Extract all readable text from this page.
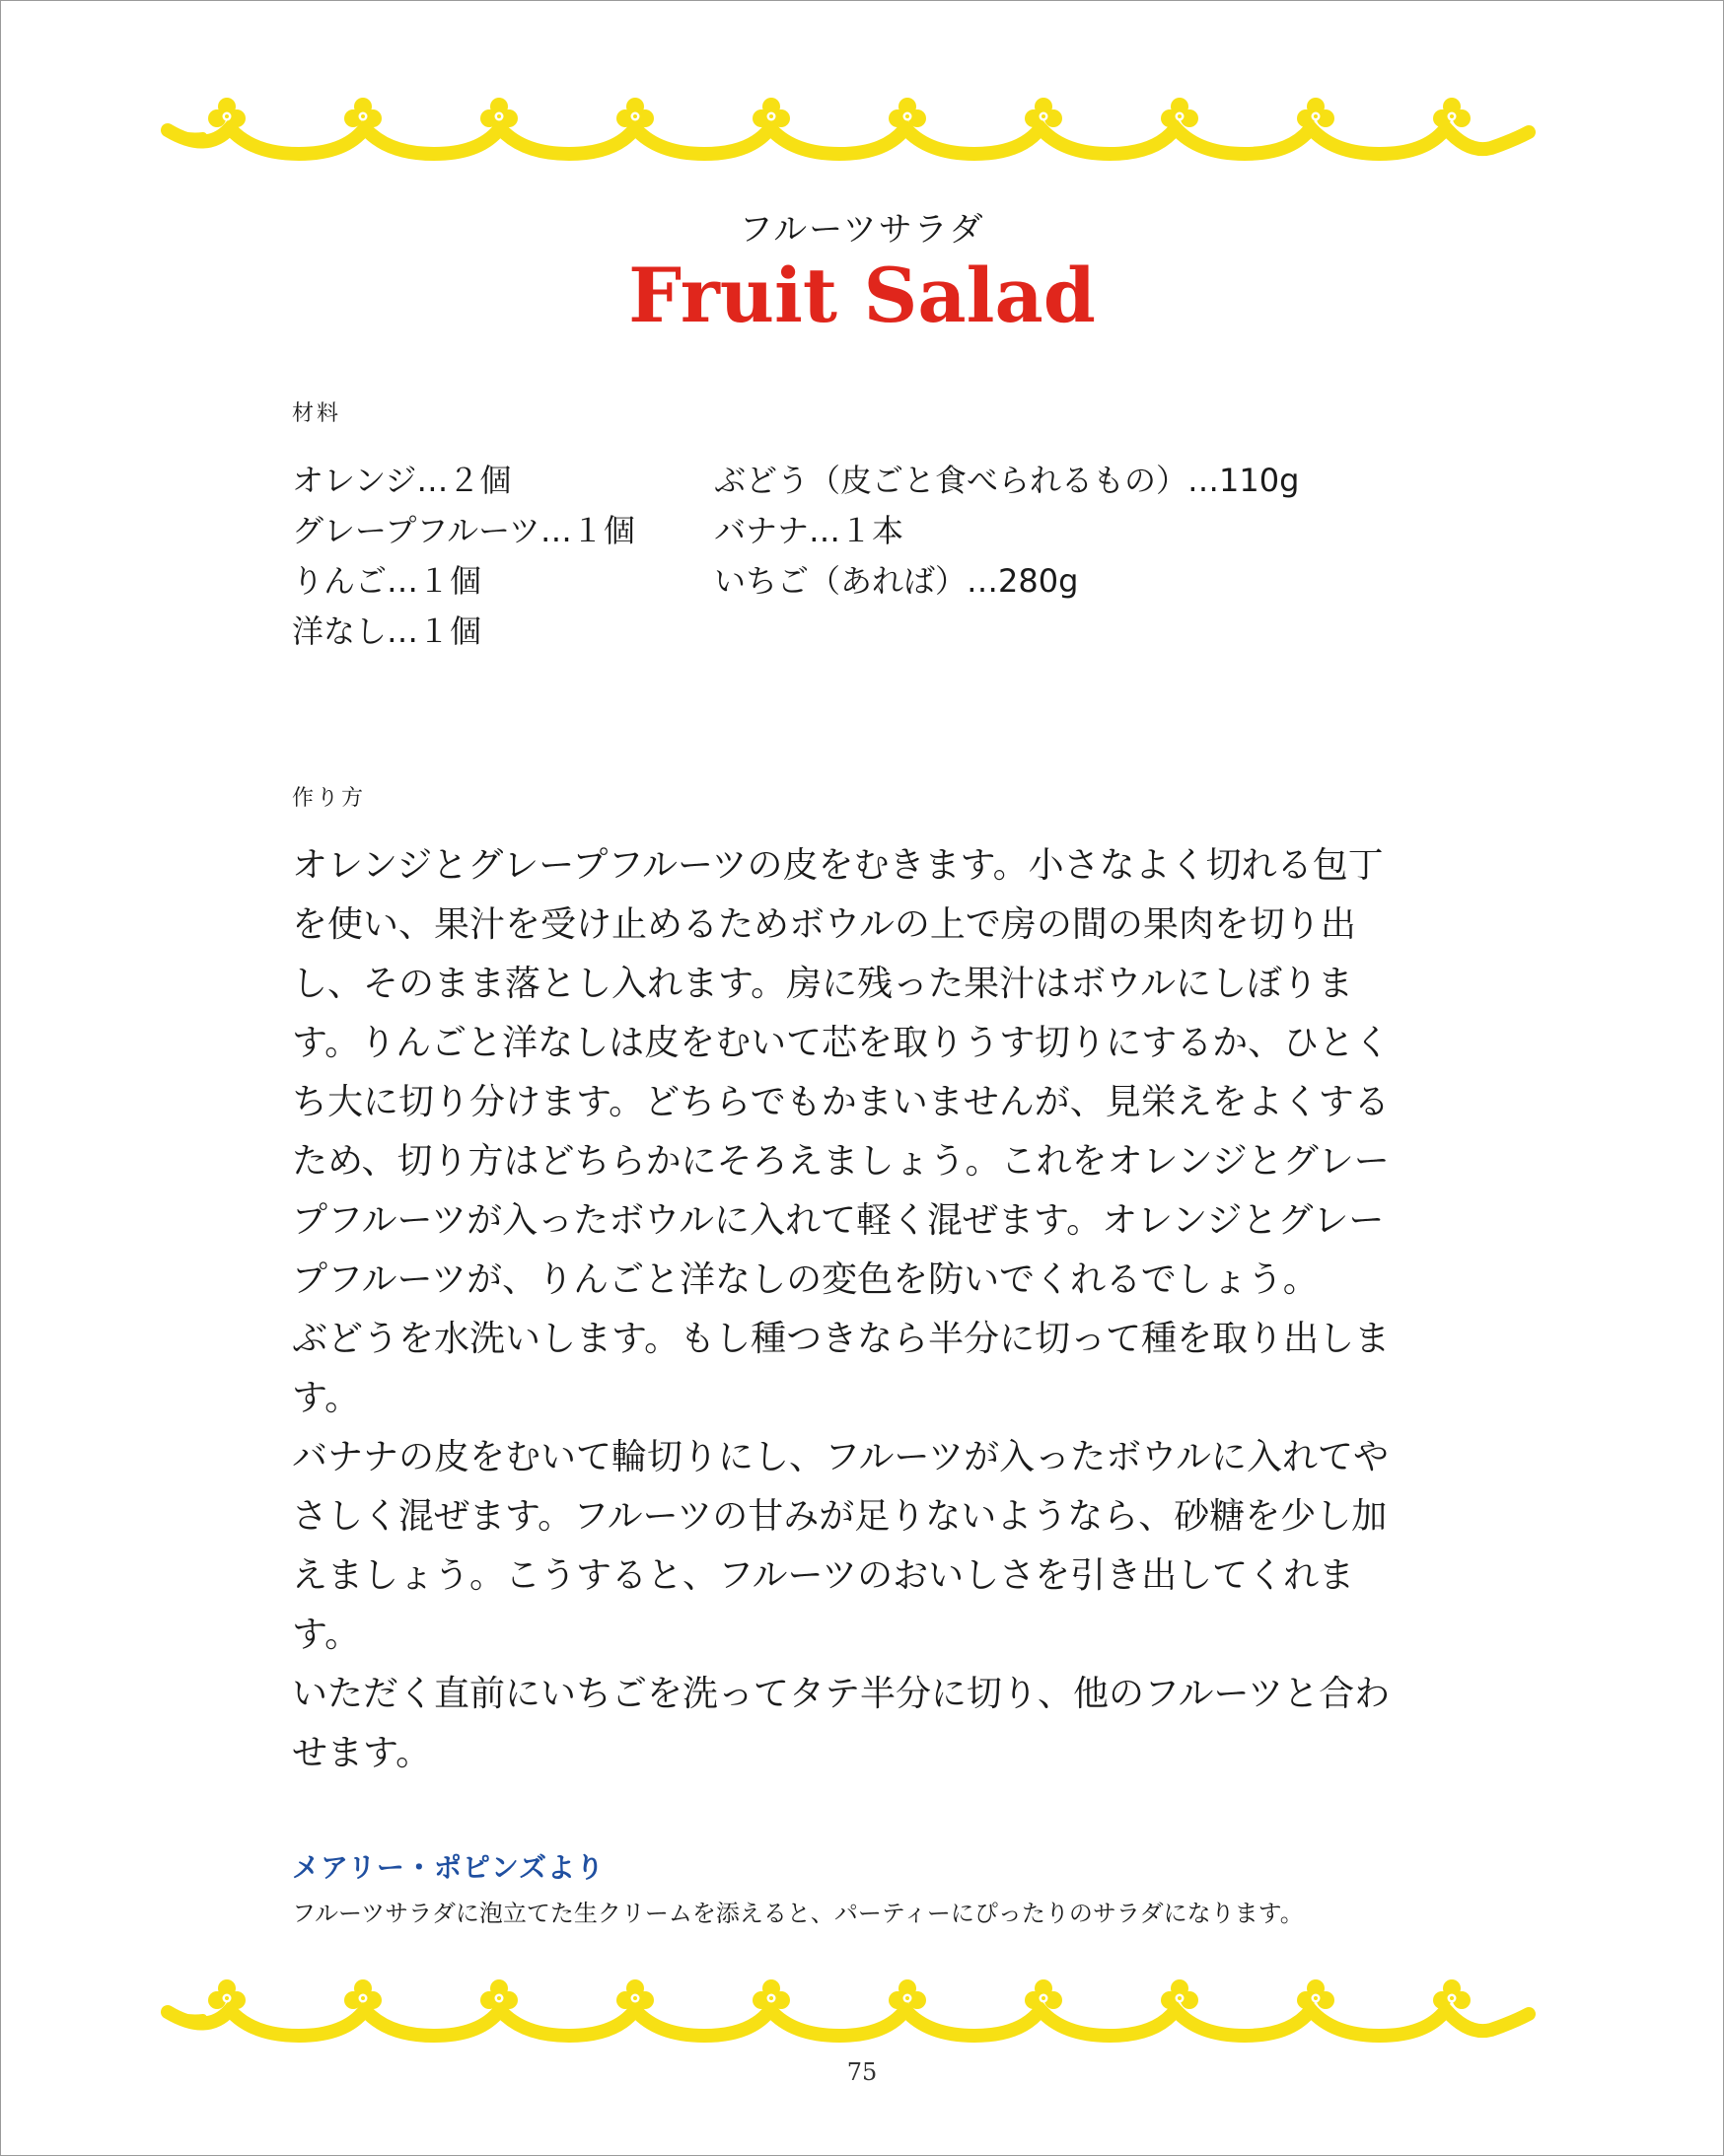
フルーツサラダ
Fruit Salad
材料
オレンジ…２個
グレープフルーツ…１個
りんご…１個
洋なし…１個
ぶどう（皮ごと食べられるもの）…110g
バナナ…１本
いちご（あれば）…280g
作り方

オレンジとグレープフルーツの皮をむきます。小さなよく切れる包丁を使い、果汁を受け止めるためボウルの上で房の間の果肉を切り出し、そのまま落とし入れます。房に残った果汁はボウルにしぼります。りんごと洋なしは皮をむいて芯を取りうす切りにするか、ひとくち大に切り分けます。どちらでもかまいませんが、見栄えをよくするため、切り方はどちらかにそろえましょう。これをオレンジとグレープフルーツが入ったボウルに入れて軽く混ぜます。オレンジとグレープフルーツが、りんごと洋なしの変色を防いでくれるでしょう。

ぶどうを水洗いします。もし種つきなら半分に切って種を取り出します。

バナナの皮をむいて輪切りにし、フルーツが入ったボウルに入れてやさしく混ぜます。フルーツの甘みが足りないようなら、砂糖を少し加えましょう。こうすると、フルーツのおいしさを引き出してくれます。

いただく直前にいちごを洗ってタテ半分に切り、他のフルーツと合わせます。

メアリー・ポピンズより
フルーツサラダに泡立てた生クリームを添えると、パーティーにぴったりのサラダになります。
75
